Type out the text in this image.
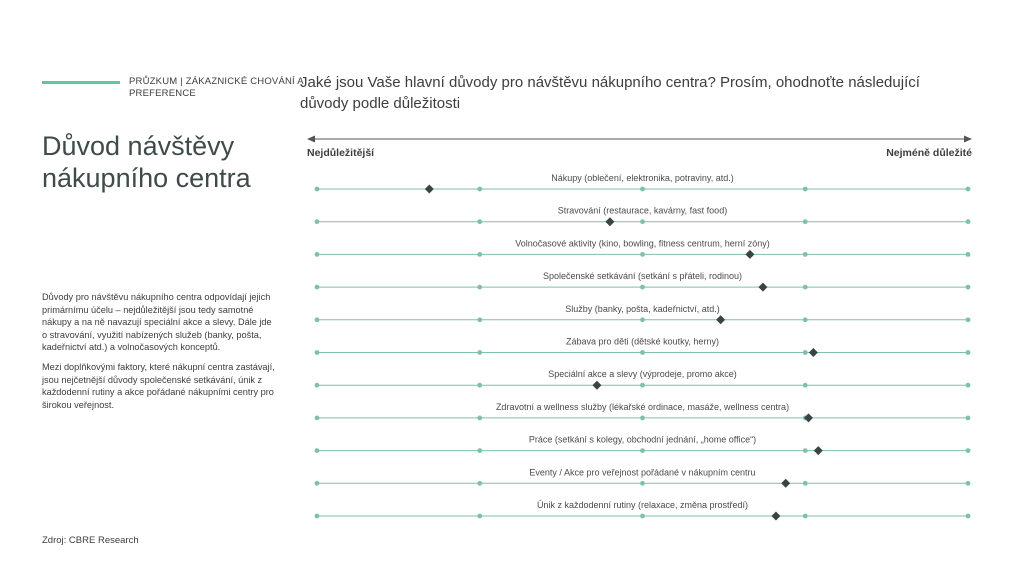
PRŮZKUM | ZÁKAZNICKÉ CHOVÁNÍ A PREFERENCE
Jaké jsou Vaše hlavní důvody pro návštěvu nákupního centra? Prosím, ohodnoťte následující důvody podle důležitosti
Důvod návštěvy nákupního centra

Důvody pro návštěvu nákupního centra odpovídají jejich primárnímu účelu – nejdůležitější jsou tedy samotné nákupy a na ně navazují speciální akce a slevy. Dále jde o stravování, využití nabízených služeb (banky, pošta, kadeřnictví atd.) a volnočasových konceptů.

Mezi doplňkovými faktory, které nákupní centra zastávají, jsou nejčetnější důvody společenské setkávání, únik z každodenní rutiny a akce pořádané nákupními centry pro širokou veřejnost.

Zdroj: CBRE Research
Nejdůležitější	Nejméně důležité
Nákupy (oblečení, elektronika, potraviny, atd.)
Stravování (restaurace, kavárny, fast food)
Volnočasové aktivity (kino, bowling, fitness centrum, herní zóny)
Společenské setkávání (setkání s přáteli, rodinou)
Služby (banky, pošta, kadeřnictví, atd.)
Zábava pro děti (dětské koutky, herny)
Speciální akce a slevy (výprodeje, promo akce)
Zdravotní a wellness služby (lékařské ordinace, masáže, wellness centra)
Práce (setkání s kolegy, obchodní jednání, „home office“)
Eventy / Akce pro veřejnost pořádané v nákupním centru
Únik z každodenní rutiny (relaxace, změna prostředí)
